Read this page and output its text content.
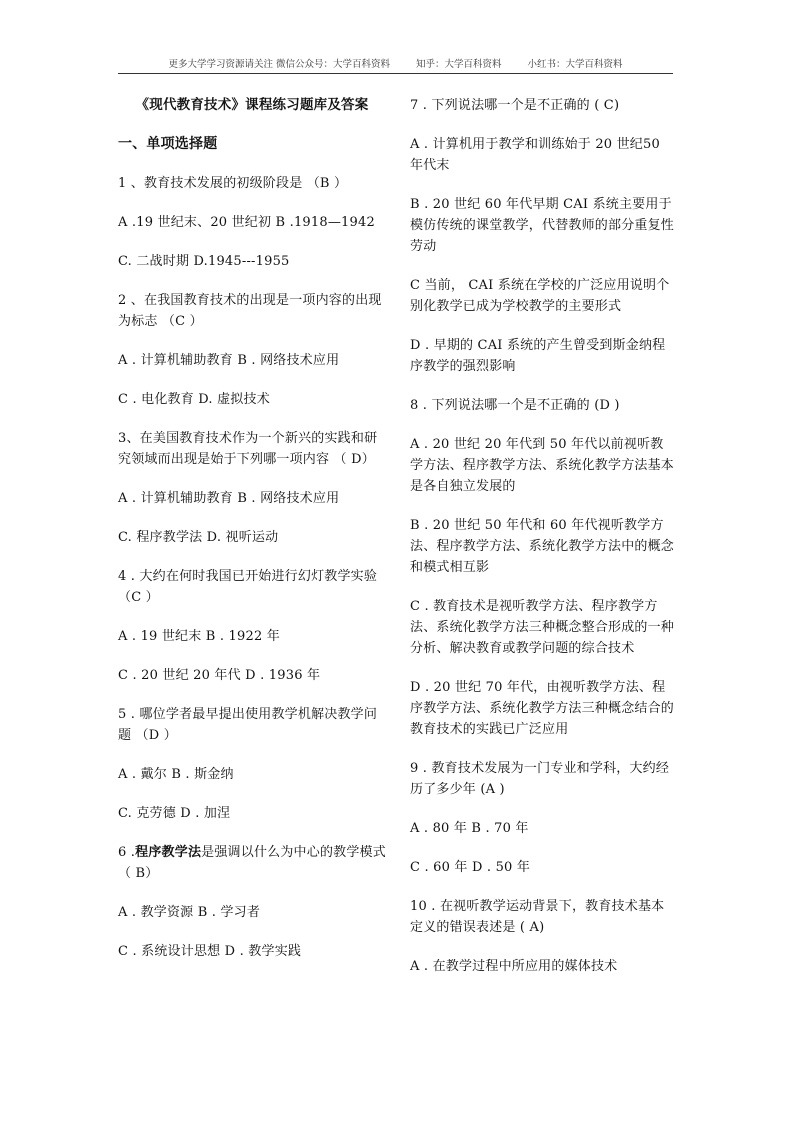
更多大学学习资源请关注 微信公众号：大学百科资料	知乎：大学百科资料	小红书：大学百科资料
《现代教育技术》课程练习题库及答案
一、单项选择题

1 、教育技术发展的初级阶段是 （B ）

A .19 世纪末、20 世纪初 B .1918—1942

C. 二战时期 D.1945---1955

2 、在我国教育技术的出现是一项内容的出现为标志 （C ）

A . 计算机辅助教育 B . 网络技术应用

C . 电化教育 D. 虚拟技术

3、在美国教育技术作为一个新兴的实践和研究领域而出现是始于下列哪一项内容 （ D）

A . 计算机辅助教育 B . 网络技术应用

C. 程序教学法 D. 视听运动

4 . 大约在何时我国已开始进行幻灯教学实验 （C ）

A . 19 世纪末 B . 1922 年

C . 20 世纪 20 年代 D . 1936 年

5 . 哪位学者最早提出使用教学机解决教学问题 （D ）

A . 戴尔 B . 斯金纳

C. 克劳德 D . 加涅

6 .程序教学法是强调以什么为中心的教学模式 （ B）

A . 教学资源 B . 学习者

C . 系统设计思想 D . 教学实践

7 . 下列说法哪一个是不正确的 ( C)

A . 计算机用于教学和训练始于 20 世纪50 年代末

B . 20 世纪 60 年代早期 CAI 系统主要用于模仿传统的课堂教学，代替教师的部分重复性劳动

C 当前， CAI 系统在学校的广泛应用说明个别化教学已成为学校教学的主要形式

D . 早期的 CAI 系统的产生曾受到斯金纳程序教学的强烈影响

8 . 下列说法哪一个是不正确的 (D )

A . 20 世纪 20 年代到 50 年代以前视听教学方法、程序教学方法、系统化教学方法基本是各自独立发展的

B . 20 世纪 50 年代和 60 年代视听教学方法、程序教学方法、系统化教学方法中的概念和模式相互影

C . 教育技术是视听教学方法、程序教学方法、系统化教学方法三种概念整合形成的一种分析、解决教育或教学问题的综合技术

D . 20 世纪 70 年代，由视听教学方法、程序教学方法、系统化教学方法三种概念结合的教育技术的实践已广泛应用

9 . 教育技术发展为一门专业和学科，大约经历了多少年 (A )

A . 80 年 B . 70 年

C . 60 年 D . 50 年

10 . 在视听教学运动背景下，教育技术基本定义的错误表述是 ( A)

A . 在教学过程中所应用的媒体技术
